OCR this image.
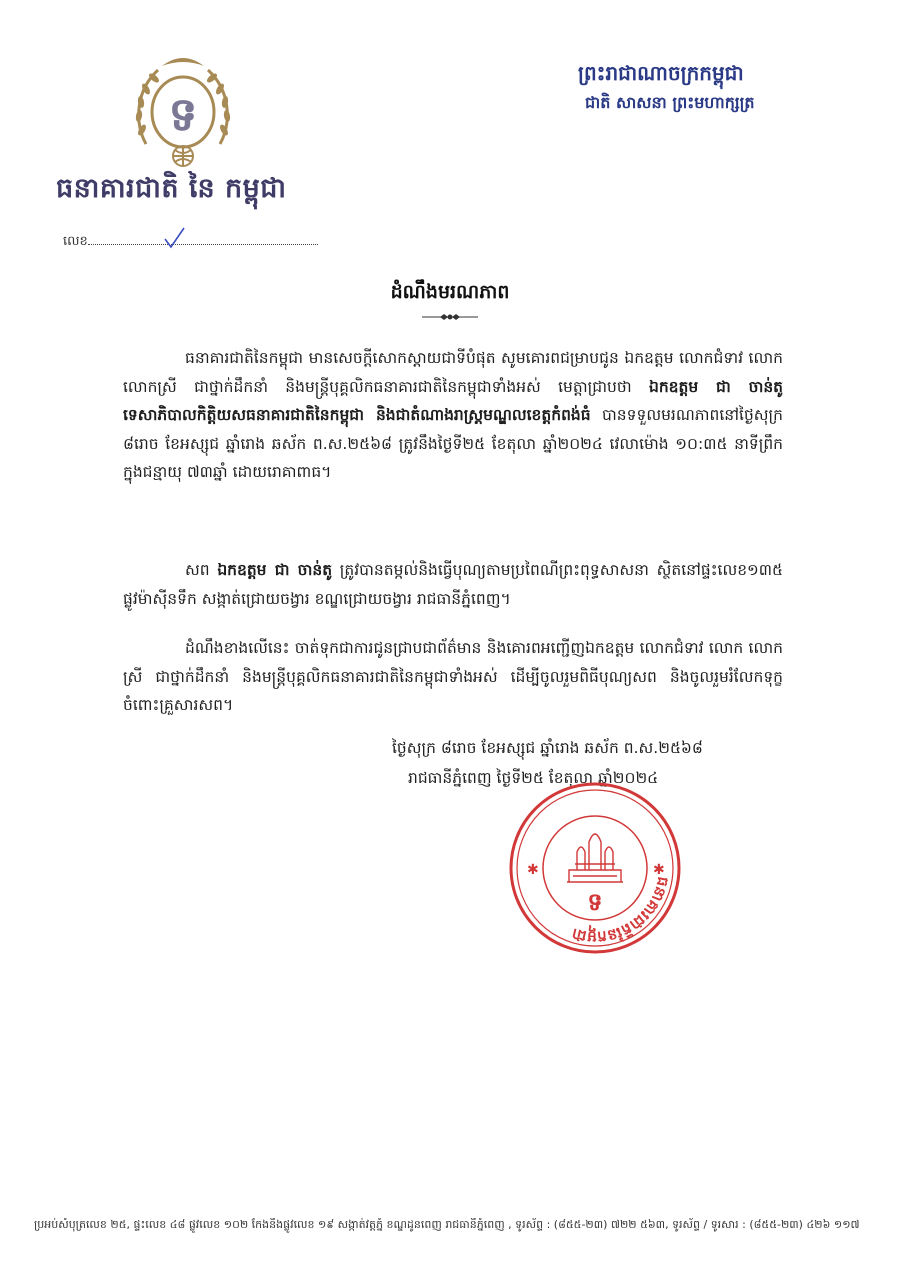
ទ
ធនាគារជាតិ នៃ កម្ពុជា
លេខ
ព្រះរាជាណាចក្រកម្ពុជា
ជាតិ សាសនា ព្រះមហាក្សត្រ
ដំណឹងមរណភាព
ធនាគារជាតិនៃកម្ពុជា មានសេចក្តីសោកស្តាយជាទីបំផុត សូមគោរពជម្រាបជូន ឯកឧត្តម លោកជំទាវ លោក លោកស្រី ជាថ្នាក់ដឹកនាំ និងមន្ត្រីបុគ្គលិកធនាគារជាតិនៃកម្ពុជាទាំងអស់ មេត្តាជ្រាបថា ឯកឧត្តម ជា ចាន់តូ ទេសាភិបាលកិត្តិយសធនាគារជាតិនៃកម្ពុជា និងជាតំណាងរាស្ត្រមណ្ឌលខេត្តកំពង់ធំ បានទទួលមរណភាពនៅថ្ងៃសុក្រ ៨រោច ខែអស្សុជ ឆ្នាំរោង ឆស័ក ព.ស.២៥៦៨ ត្រូវនឹងថ្ងៃទី២៥ ខែតុលា ឆ្នាំ២០២៤ វេលាម៉ោង ១០:៣៥ នាទីព្រឹក ក្នុងជន្មាយុ ៧៣ឆ្នាំ ដោយរោគាពាធ។
សព ឯកឧត្តម ជា ចាន់តូ ត្រូវបានតម្កល់និងធ្វើបុណ្យតាមប្រពៃណីព្រះពុទ្ធសាសនា ស្ថិតនៅផ្ទះលេខ១៣៥ ផ្លូវម៉ាស៊ីនទឹក សង្កាត់ជ្រោយចង្វារ ខណ្ឌជ្រោយចង្វារ រាជធានីភ្នំពេញ។
ដំណឹងខាងលើនេះ ចាត់ទុកជាការជូនជ្រាបជាព័ត៌មាន និងគោរពអញ្ជើញឯកឧត្តម លោកជំទាវ លោក លោកស្រី ជាថ្នាក់ដឹកនាំ និងមន្ត្រីបុគ្គលិកធនាគារជាតិនៃកម្ពុជាទាំងអស់ ដើម្បីចូលរួមពិធីបុណ្យសព និងចូលរួមរំលែកទុក្ខចំពោះគ្រួសារសព។
ថ្ងៃសុក្រ ៨រោច ខែអស្សុជ ឆ្នាំរោង ឆស័ក ព.ស.២៥៦៨
រាជធានីភ្នំពេញ ថ្ងៃទី២៥ ខែតុលា ឆ្នាំ២០២៤
ធនាគារជាតិនៃកម្ពុជា
✱	✱
ទ
ប្រអប់សំបុត្រលេខ ២៥, ផ្ទះលេខ ៤៨ ផ្លូវលេខ ១០២ កែងនឹងផ្លូវលេខ ១៩ សង្កាត់វត្តភ្នំ ខណ្ឌដូនពេញ រាជធានីភ្នំពេញ , ទូរស័ព្ទ : (៨៥៥-២៣) ៧២២ ៥៦៣, ទូរស័ព្ទ / ទូរសារ : (៨៥៥-២៣) ៤២៦ ១១៧
